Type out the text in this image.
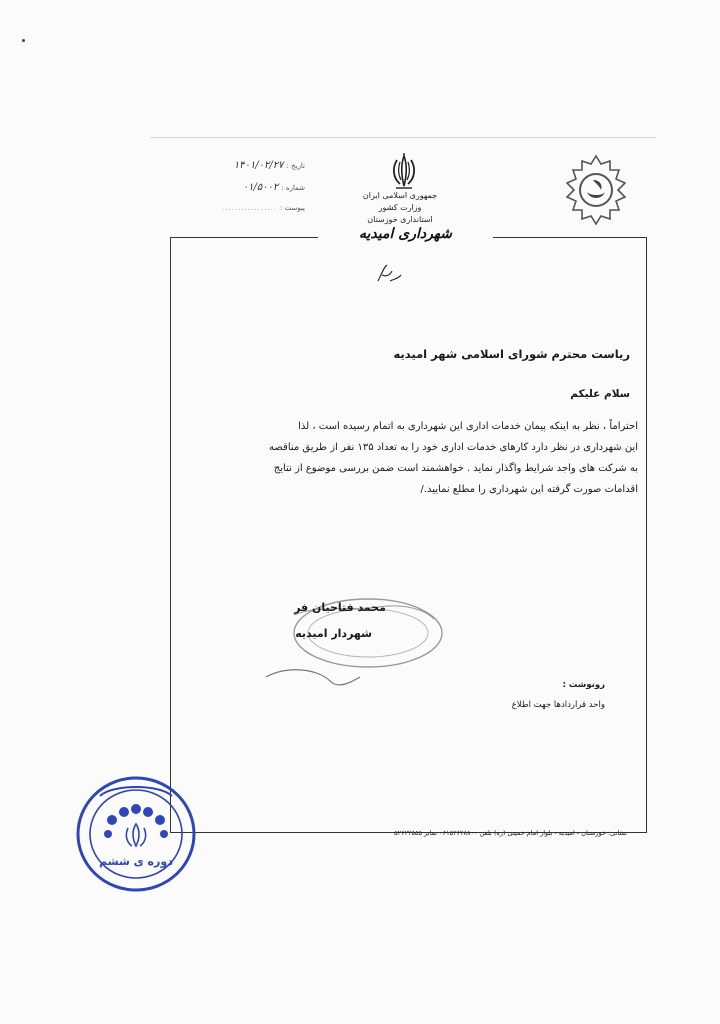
تاریخ :
۱۴۰۱/۰۲/۲۷
شماره :
۰۱/۵۰۰۲
پیوست :
.................
جمهوری اسلامی ایران
وزارت کشور
استانداری خوزستان
شهرداری امیدیه
بایگانی
ریاست محترم شورای اسلامی شهر امیدیه
سلام علیکم
احتراماً ، نظر به اینکه پیمان خدمات اداری این شهرداری به اتمام رسیده است ، لذا
این شهرداری در نظر دارد کارهای خدمات اداری خود را به تعداد ۱۳۵ نفر از طریق مناقصه
به شرکت های واجد شرایط واگذار نماید . خواهشمند است ضمن بررسی موضوع از نتایج
اقدامات صورت گرفته این شهرداری را مطلع نمایید./
محمد فتاحیان فر
شهردار امیدیه
رونوشت :
واحد قراردادها جهت اطلاع
نشانی: خوزستان - امیدیه - بلوار امام خمینی (ره) تلفن ۰۶۱۵۲۶۲۸۸۰۰ نمابر ۵۲۶۲۲۵۵۵
دوره ی ششم
